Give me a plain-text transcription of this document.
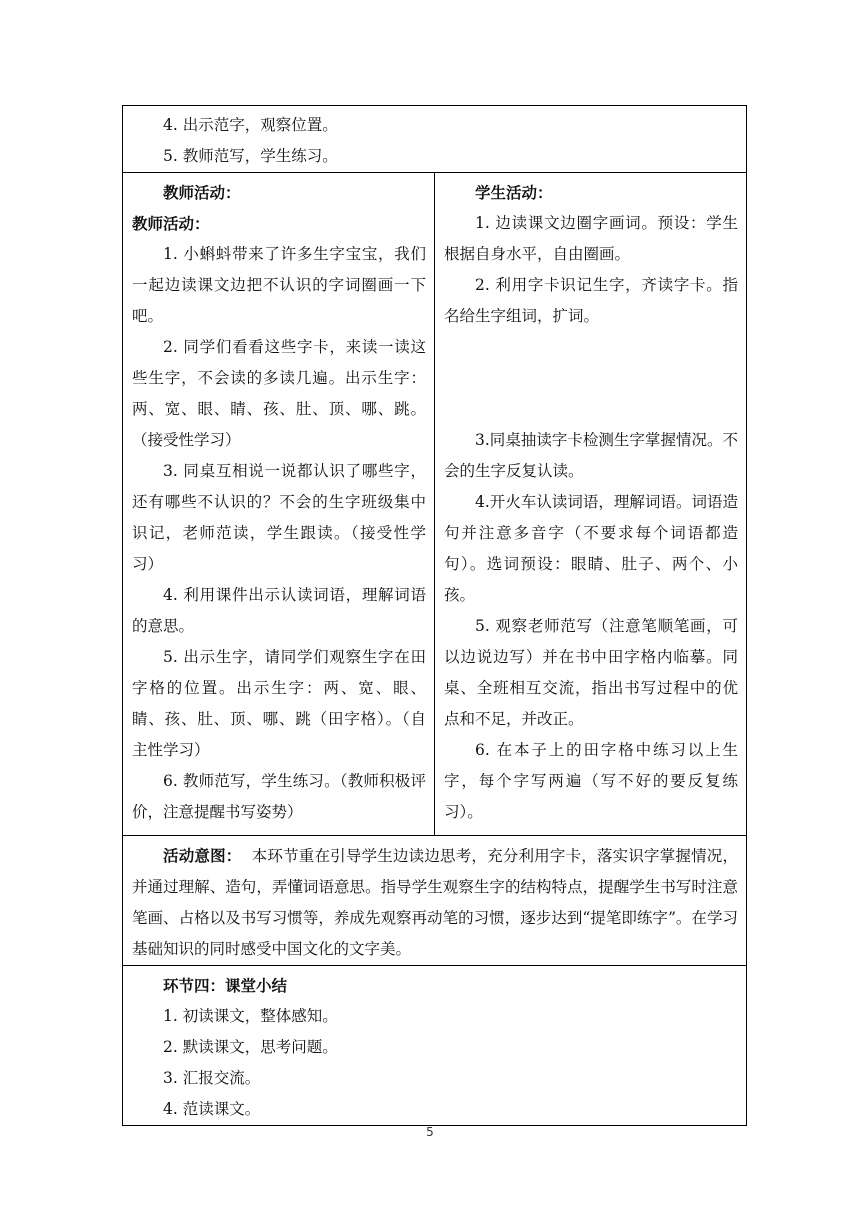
4. 出示范字，观察位置。
5. 教师范写，学生练习。

教师活动：
教师活动：
1. 小蝌蚪带来了许多生字宝宝，我们一起边读课文边把不认识的字词圈画一下吧。
2. 同学们看看这些字卡，来读一读这些生字，不会读的多读几遍。出示生字：两、宽、眼、睛、孩、肚、顶、哪、跳。（接受性学习）
3. 同桌互相说一说都认识了哪些字，还有哪些不认识的？不会的生字班级集中识记，老师范读，学生跟读。（接受性学习）
4. 利用课件出示认读词语，理解词语的意思。
5. 出示生字，请同学们观察生字在田字格的位置。出示生字：两、宽、眼、睛、孩、肚、顶、哪、跳（田字格）。（自主性学习）
6. 教师范写，学生练习。（教师积极评价，注意提醒书写姿势）

学生活动：
1. 边读课文边圈字画词。预设：学生根据自身水平，自由圈画。
2. 利用字卡识记生字，齐读字卡。指名给生字组词，扩词。
3.同桌抽读字卡检测生字掌握情况。不会的生字反复认读。
4.开火车认读词语，理解词语。词语造句并注意多音字（不要求每个词语都造句）。选词预设：眼睛、肚子、两个、小孩。
5. 观察老师范写（注意笔顺笔画，可以边说边写）并在书中田字格内临摹。同桌、全班相互交流，指出书写过程中的优点和不足，并改正。
6. 在本子上的田字格中练习以上生字，每个字写两遍（写不好的要反复练习）。

活动意图： 本环节重在引导学生边读边思考，充分利用字卡，落实识字掌握情况，并通过理解、造句，弄懂词语意思。指导学生观察生字的结构特点，提醒学生书写时注意笔画、占格以及书写习惯等，养成先观察再动笔的习惯，逐步达到“提笔即练字”。在学习基础知识的同时感受中国文化的文字美。

环节四：课堂小结
1. 初读课文，整体感知。
2. 默读课文，思考问题。
3. 汇报交流。
4. 范读课文。
5
